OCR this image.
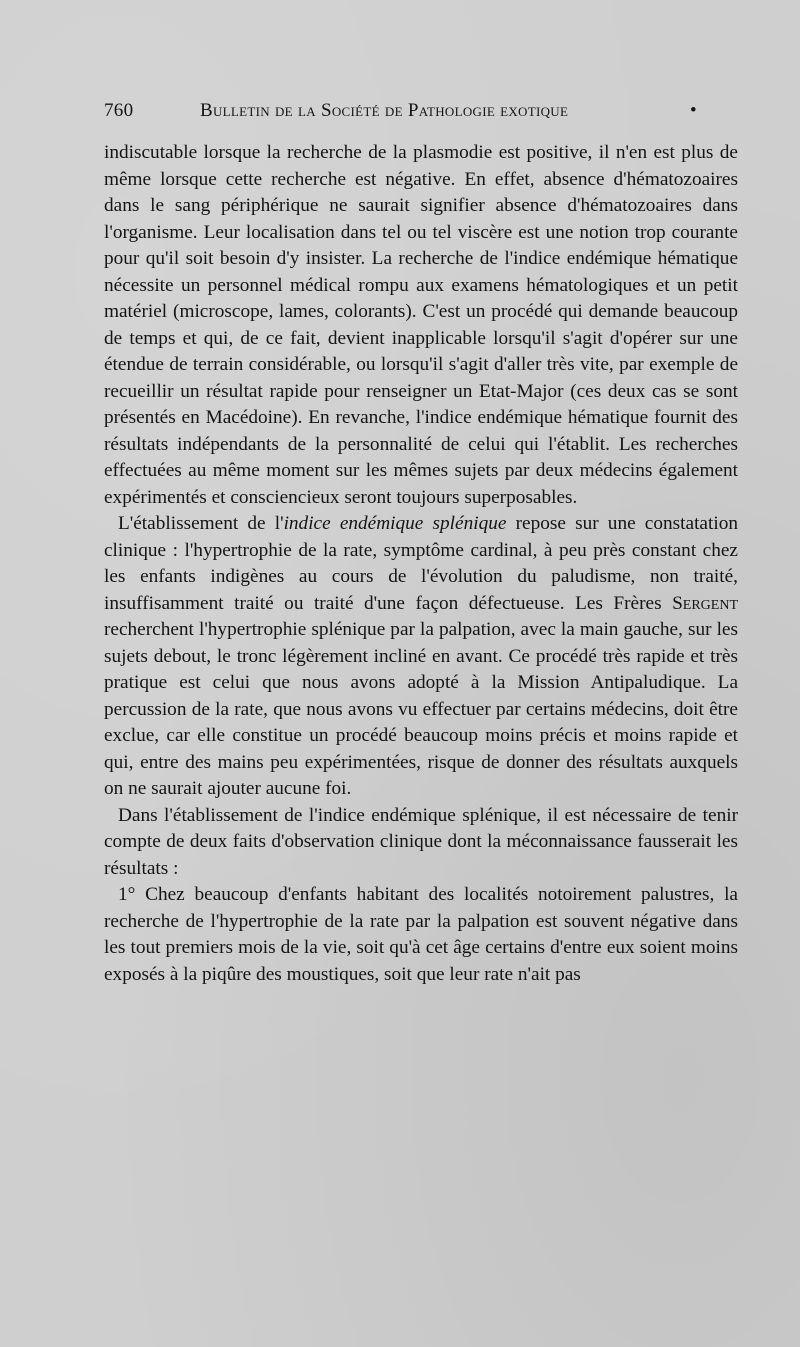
760	Bulletin de la Société de Pathologie exotique	•

indiscutable lorsque la recherche de la plasmodie est positive, il n'en est plus de même lorsque cette recherche est négative. En effet, absence d'hématozoaires dans le sang périphérique ne saurait signifier absence d'hématozoaires dans l'organisme. Leur localisation dans tel ou tel viscère est une notion trop courante pour qu'il soit besoin d'y insister. La recherche de l'indice endémique hématique nécessite un personnel médical rompu aux examens hématologiques et un petit matériel (microscope, lames, colorants). C'est un procédé qui demande beaucoup de temps et qui, de ce fait, devient inapplicable lorsqu'il s'agit d'opérer sur une étendue de terrain considérable, ou lorsqu'il s'agit d'aller très vite, par exemple de recueillir un résultat rapide pour renseigner un Etat-Major (ces deux cas se sont présentés en Macédoine). En revanche, l'indice endémique hématique fournit des résultats indépendants de la personnalité de celui qui l'établit. Les recherches effectuées au même moment sur les mêmes sujets par deux médecins également expérimentés et consciencieux seront toujours superposables.

L'établissement de l'indice endémique splénique repose sur une constatation clinique : l'hypertrophie de la rate, symptôme cardinal, à peu près constant chez les enfants indigènes au cours de l'évolution du paludisme, non traité, insuffisamment traité ou traité d'une façon défectueuse. Les Frères Sergent recherchent l'hypertrophie splénique par la palpation, avec la main gauche, sur les sujets debout, le tronc légèrement incliné en avant. Ce procédé très rapide et très pratique est celui que nous avons adopté à la Mission Antipaludique. La percussion de la rate, que nous avons vu effectuer par certains médecins, doit être exclue, car elle constitue un procédé beaucoup moins précis et moins rapide et qui, entre des mains peu expérimentées, risque de donner des résultats auxquels on ne saurait ajouter aucune foi.

Dans l'établissement de l'indice endémique splénique, il est nécessaire de tenir compte de deux faits d'observation clinique dont la méconnaissance fausserait les résultats :

1° Chez beaucoup d'enfants habitant des localités notoirement palustres, la recherche de l'hypertrophie de la rate par la palpation est souvent négative dans les tout premiers mois de la vie, soit qu'à cet âge certains d'entre eux soient moins exposés à la piqûre des moustiques, soit que leur rate n'ait pas
